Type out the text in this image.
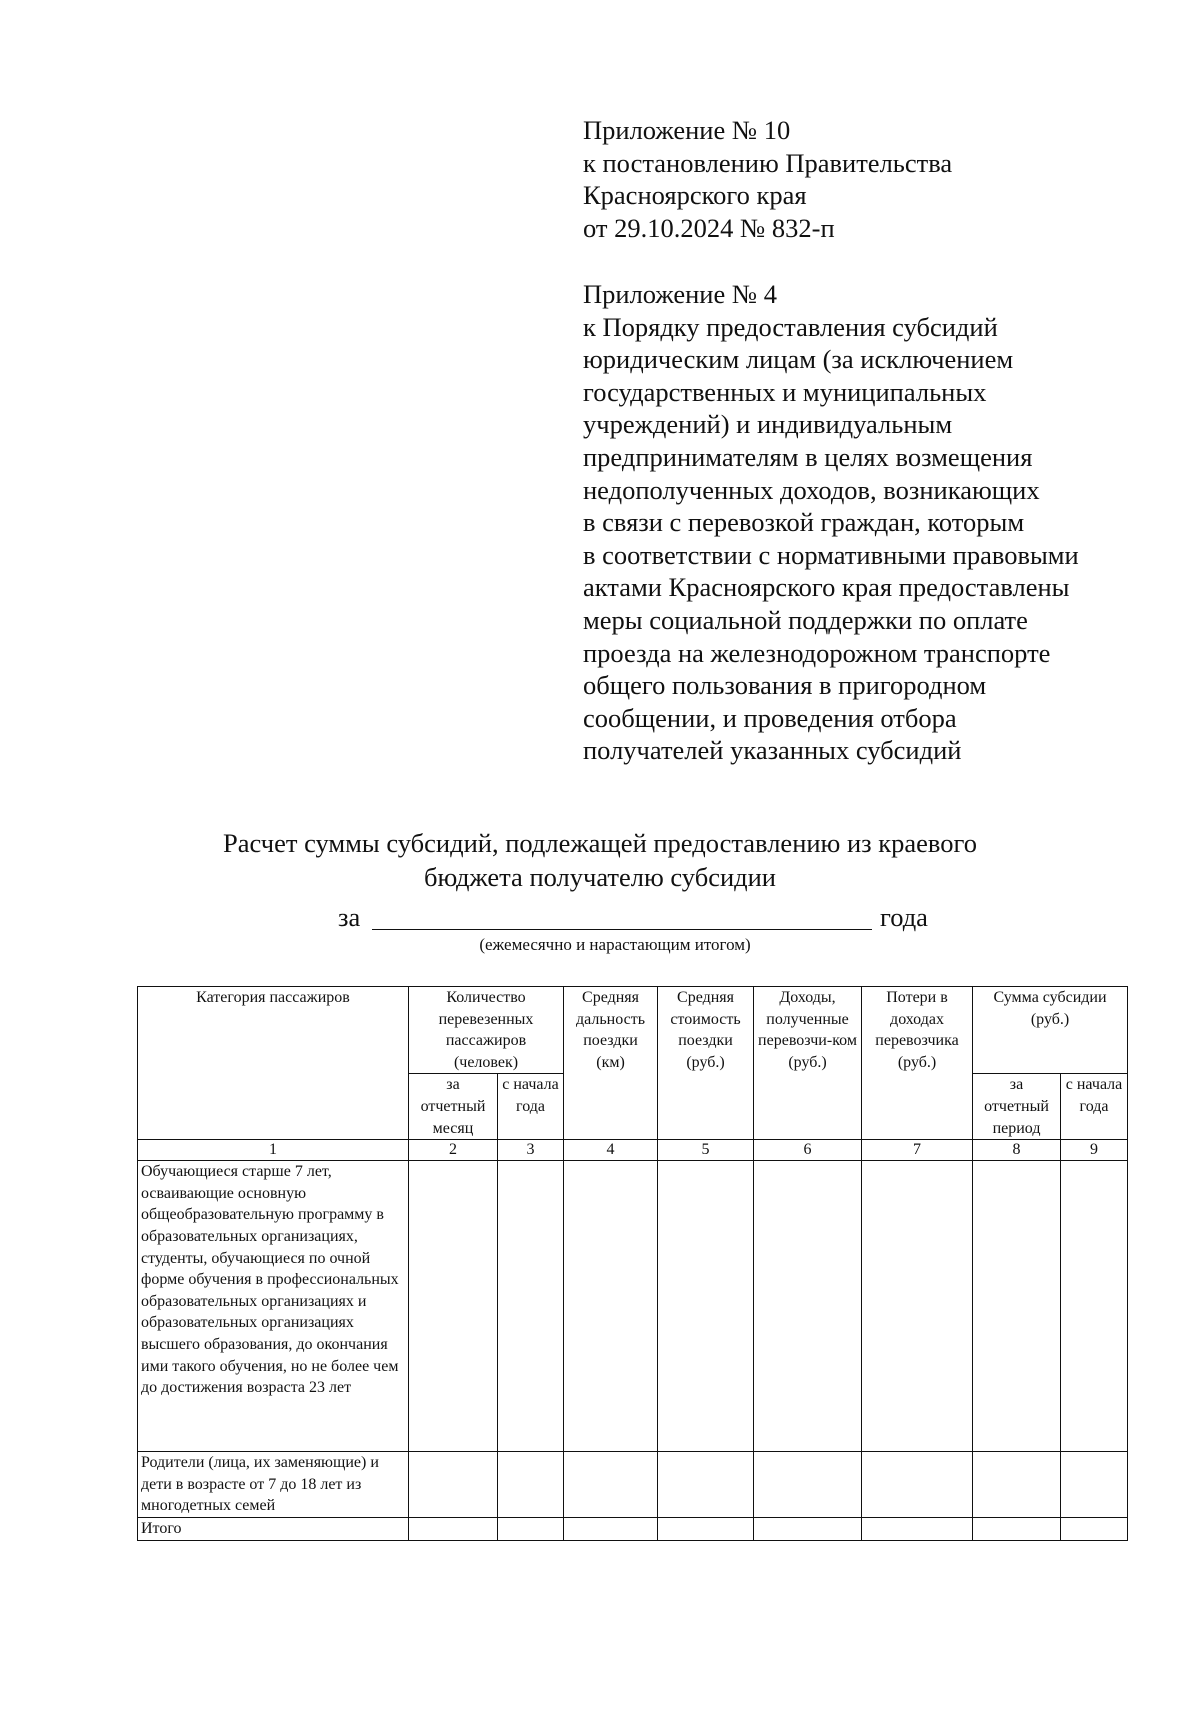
Приложение № 10
к постановлению Правительства
Красноярского края
от 29.10.2024 № 832-п
Приложение № 4
к Порядку предоставления субсидий
юридическим лицам (за исключением
государственных и муниципальных
учреждений) и индивидуальным
предпринимателям в целях возмещения
недополученных доходов, возникающих
в связи с перевозкой граждан, которым
в соответствии с нормативными правовыми
актами Красноярского края предоставлены
меры социальной поддержки по оплате
проезда на железнодорожном транспорте
общего пользования в пригородном
сообщении, и проведения отбора
получателей указанных субсидий
Расчет суммы субсидий, подлежащей предоставлению из краевого
бюджета получателю субсидии
за	года
(ежемесячно и нарастающим итогом)
Категория пассажиров	Количество перевезенных пассажиров (человек)		Средняя дальность поездки (км)	Средняя стоимость поездки (руб.)	Доходы, полученные перевозчи-ком (руб.)	Потери в доходах перевозчика (руб.)	Сумма субсидии (руб.)	
	за отчетный месяц	с начала года					за отчетный период	с начала года
1	2	3	4	5	6	7	8	9
Обучающиеся старше 7 лет, осваивающие основную общеобразовательную программу в образовательных организациях, студенты, обучающиеся по очной форме обучения в профессиональных образовательных организациях и образовательных организациях высшего образования, до окончания ими такого обучения, но не более чем до достижения возраста 23 лет								
Родители (лица, их заменяющие) и дети в возрасте от 7 до 18 лет из многодетных семей								
Итого								
